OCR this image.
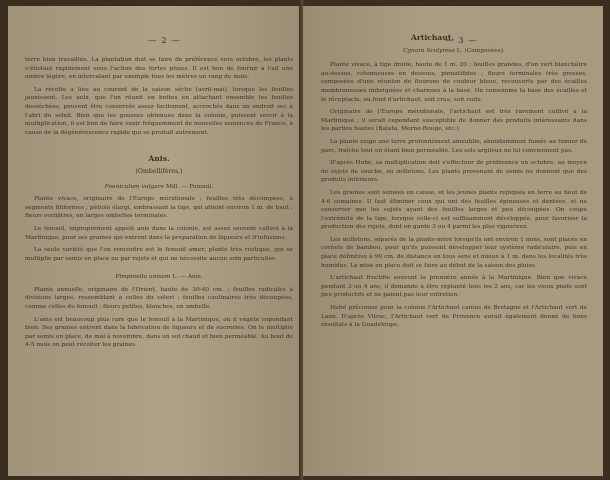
— 2 —

terre bien travaillée. La plantation doit se faire de préférence vers octobre, les plants s'étiolant rapidement sous l'action des fortes pluies. Il est bon de fournir à l'ail une ombre légère, en intercalant par exemple tous les mètres un rang de maïs.

La récolte a lieu au courant de la saison sèche (avril-mai), lorsque les feuilles jaunissent. Les aulx, que l'on réunit en bottes en attachant ensemble les feuilles desséchées, peuvent être conservés assez facilement, accrochés dans un endroit sec à l'abri du soleil. Bien que les gousses obtenues dans la colonie, puissent servir à la multiplication, il est bon de faire venir fréquemment de nouvelles semences de France, à cause de la dégénérescence rapide qui se produit autrement.

Anis.

(Ombellifères.)

Foeniculum vulgare Mill. — Fenouil.

Plante vivace, originaire de l'Europe méridionale ; feuilles très décompées, à segments filiformes ; pétiole élargi, embrassant la tige, qui atteint environ 1 m. de haut ; fleurs verdâtres, en larges ombelles terminales.

Le fenouil, improprement appelé anis dans la colonie, est assez souvent cultivé à la Martinique, pour ses graines qui entrent dans la préparation de liqueurs et d'infusions.

La seule variété que l'on rencontre est le fenouil amer; plante très rustique, qui se multiplie par semis en place ou par rejets et qui ne nécessite aucun soin particulier.

Pimpinella anisum L. — Anis.

Plante annuelle, originaire de l'Orient, haute de 30-40 cm. ; feuilles radicales à divisions larges, ressemblant à celles du céleri ; feuilles caulinaires très découpées, comme celles du fenouil ; fleurs petites, blanches, en ombelle.

L'anis est beaucoup plus rare que le fenouil à la Martinique, où il végète cependant bien. Ses graines entrent dans la fabrication de liqueurs et de sucreries. On le multiplie par semis en place, de mai à novembre, dans un sol chaud et bien perméable. Au bout de 4-5 mois on peut récolter les graines.

— 3 —

Artichaut.

Cynara Scolymus L. (Composées).

Plante vivace, à tige droite, haute de 1 m. 20 ; feuilles grandes, d'un vert blanchâtre au-dessus, cotonneuses en dessous, pinnatifides ; fleurs terminales très grosses, composées d'une réunion de fleurons de couleur bleue, recouverts par des écailles membraneuses imbriquées et charnues à la base. On consomme la base des écailles et le réceptacle, ou fond d'artichaut, soit crus, soit cuits.

Originaire de l'Europe méridionale, l'artichaut est très rarement cultivé à la Martinique ; il serait cependant susceptible de donner des produits intéressants dans les parties hautes (Balata, Morne-Rouge, etc.).

La plante exige une terre profondément ameublie, abondamment fumée au fumier de parc, fraîche tout en étant bien perméable. Les sols argileux ne lui conviennent pas.

D'après Hubé, sa multiplication doit s'effectuer de préférence en octobre, au moyen de rejets de souche, ou œilletons. Les plants provenant de semis ne donnent que des produits inférieurs.

Les graines sont semées en caisse, et les jeunes plants repiqués en terre au bout de 4-6 semaines. Il faut éliminer ceux qui ont des feuilles épineuses et dentées, et ne conserver que les sujets ayant des feuilles larges et peu découpées. On coupe l'extrémité de la tige, lorsque celle-ci est suffisamment développée, pour favoriser la production des rejets, dont on garde 3 ou 4 parmi les plus vigoureux.

Les œilletons, séparés de la plante-mère lorsqu'ils ont environ 1 mois, sont placés en cornets de bambou, pour qu'ils puissent développer leur système radiculaire, puis en place définitive à 90 cm. de distance en tous sens et mieux à 1 m. dans les localités très humides. La mise en place doit se faire au début de la saison des pluies.

L'artichaut fructifie souvent la première année à la Martinique. Bien que vivace pendant 3 ou 4 ans, il demande à être replanté tous les 2 ans, car les vieux pieds sont peu productifs et ne paient pas leur entretien.

Hubé préconise pour la colonie l'Artichaut camus de Bretagne et l'Artichaut vert de Laon. D'après Vitrac, l'Artichaut vert de Provence aurait également donné de bons résultats à la Guadeloupe.
